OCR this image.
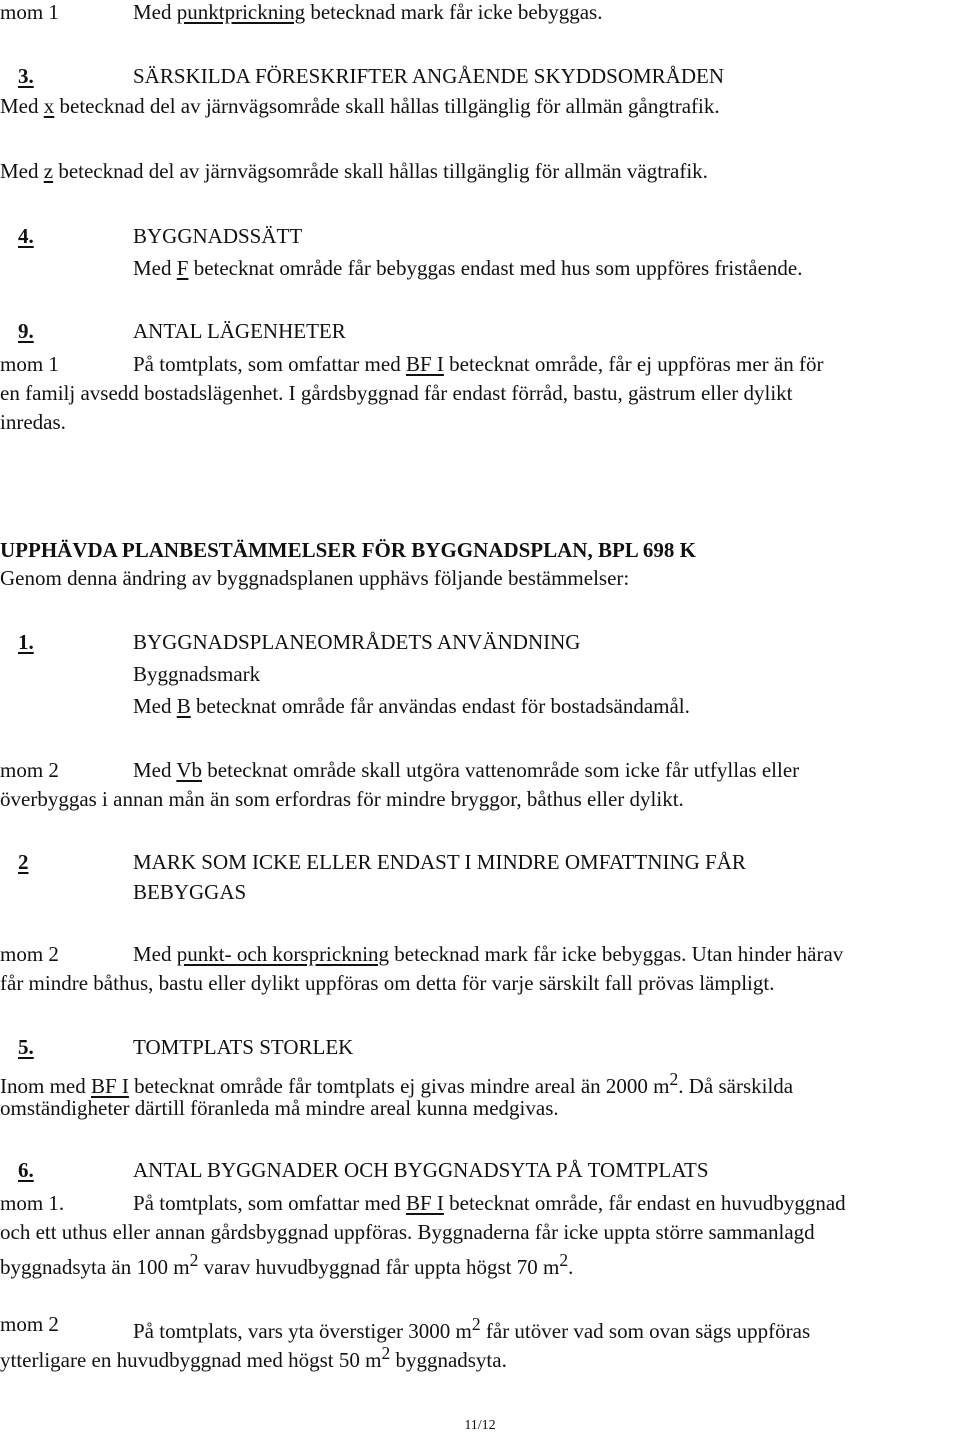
mom 1	Med punktprickning betecknad mark får icke bebyggas.
3.	SÄRSKILDA FÖRESKRIFTER ANGÅENDE SKYDDSOMRÅDEN
Med x betecknad del av järnvägsområde skall hållas tillgänglig för allmän gångtrafik.
Med z betecknad del av järnvägsområde skall hållas tillgänglig för allmän vägtrafik.
4.	BYGGNADSSÄTT
Med F betecknat område får bebyggas endast med hus som uppföres fristående.
9.	ANTAL LÄGENHETER
mom 1	På tomtplats, som omfattar med BF I betecknat område, får ej uppföras mer än för
en familj avsedd bostadslägenhet. I gårdsbyggnad får endast förråd, bastu, gästrum eller dylikt
inredas.
UPPHÄVDA PLANBESTÄMMELSER FÖR BYGGNADSPLAN, BPL 698 K
Genom denna ändring av byggnadsplanen upphävs följande bestämmelser:
1.	BYGGNADSPLANEOMRÅDETS ANVÄNDNING
Byggnadsmark
Med B betecknat område får användas endast för bostadsändamål.
mom 2	Med Vb betecknat område skall utgöra vattenområde som icke får utfyllas eller
överbyggas i annan mån än som erfordras för mindre bryggor, båthus eller dylikt.
2	MARK SOM ICKE ELLER ENDAST I MINDRE OMFATTNING FÅR
BEBYGGAS
mom 2	Med punkt- och korsprickning betecknad mark får icke bebyggas. Utan hinder härav
får mindre båthus, bastu eller dylikt uppföras om detta för varje särskilt fall prövas lämpligt.
5.	TOMTPLATS STORLEK
Inom med BF I betecknat område får tomtplats ej givas mindre areal än 2000 $m^2$. Då särskilda
omständigheter därtill föranleda må mindre areal kunna medgivas.
6.	ANTAL BYGGNADER OCH BYGGNADSYTA PÅ TOMTPLATS
mom 1.	På tomtplats, som omfattar med BF I betecknat område, får endast en huvudbyggnad
och ett uthus eller annan gårdsbyggnad uppföras. Byggnaderna får icke uppta större sammanlagd
byggnadsyta än 100 $m^2$ varav huvudbyggnad får uppta högst 70 $m^2$.
mom 2	På tomtplats, vars yta överstiger 3000 $m^2$ får utöver vad som ovan sägs uppföras
ytterligare en huvudbyggnad med högst 50 $m^2$ byggnadsyta.
11/12
